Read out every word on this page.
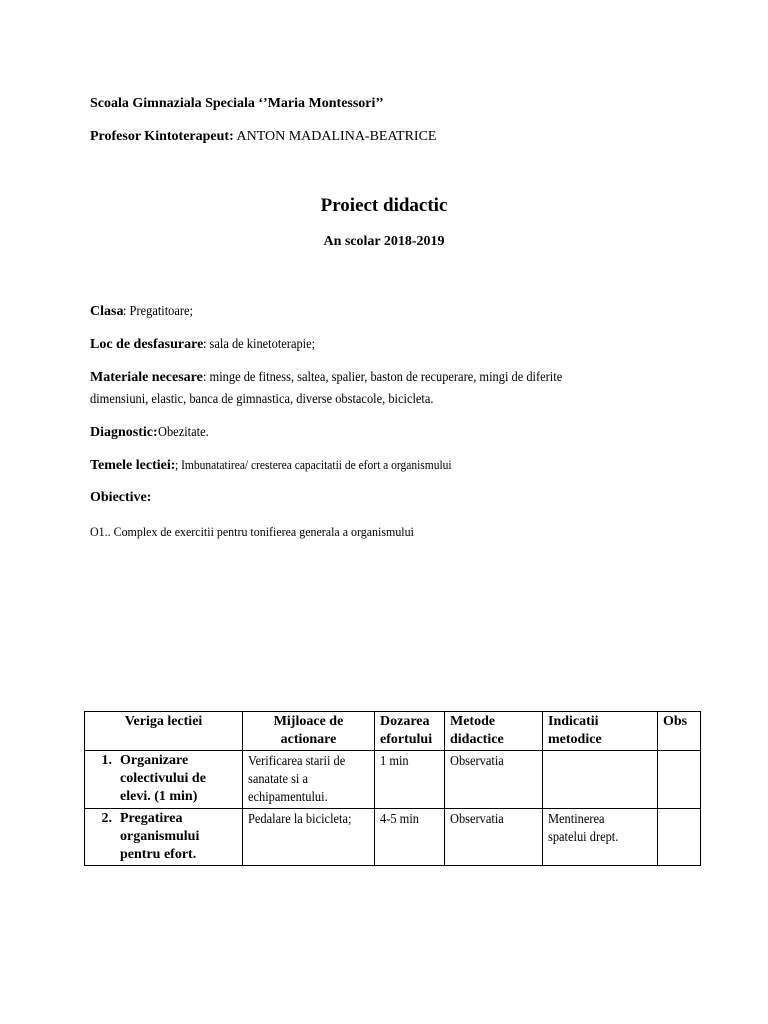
Scoala Gimnaziala Speciala ‘’Maria Montessori’’
Profesor Kintoterapeut: ANTON MADALINA-BEATRICE
Proiect didactic
An scolar 2018-2019
Clasa: Pregatitoare;
Loc de desfasurare: sala de kinetoterapie;
Materiale necesare: minge de fitness, saltea, spalier, baston de recuperare, mingi de diferite
dimensiuni, elastic, banca de gimnastica, diverse obstacole, bicicleta.
Diagnostic:Obezitate.
Temele lectiei:; Imbunatatirea/ cresterea capacitatii de efort a organismului
Obiective:
O1.. Complex de exercitii pentru tonifierea generala a organismului
Veriga lectiei	Mijloace de actionare	Dozarea efortului	Metode didactice	Indicatii metodice	Obs
1. Organizare colectivului de elevi. (1 min)	Verificarea starii de sanatate si a echipamentului.	1 min	Observatia		
2. Pregatirea organismului pentru efort.	Pedalare la bicicleta;	4-5 min	Observatia	Mentinerea spatelui drept.	
